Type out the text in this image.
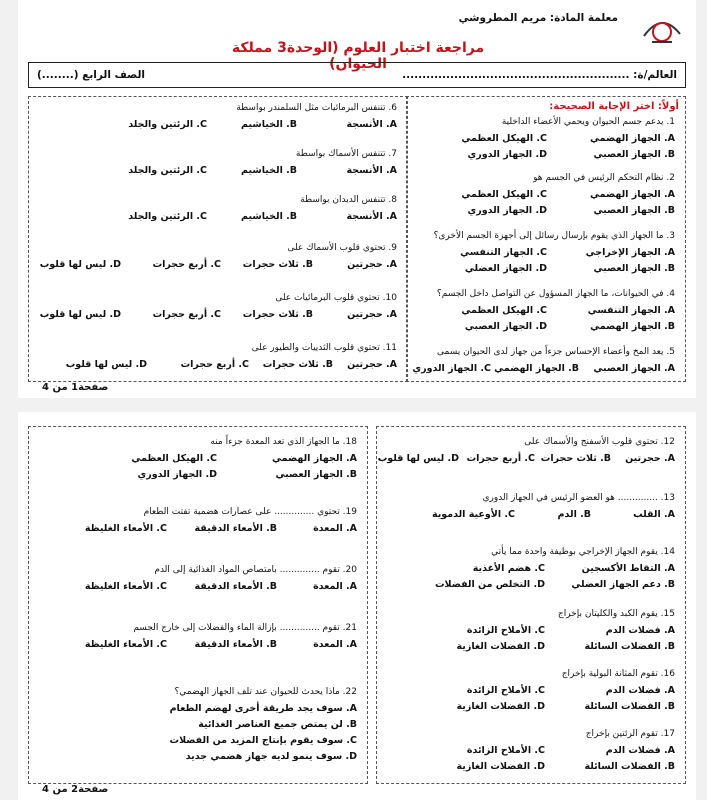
معلمة المادة: مريم المطروشي
مراجعة اختبار العلوم (الوحدة3 مملكة الحيوان)
العالم/ة: .........................................................
الصف الرابع (........)
أولاً: اختر الإجابة الصحيحة:
1. يدعم جسم الحيوان ويحمي الأعضاء الداخلية
A. الجهاز الهضمي
C. الهيكل العظمي
B. الجهاز العصبي
D. الجهاز الدوري
2. نظام التحكم الرئيس في الجسم هو
A. الجهاز الهضمي
C. الهيكل العظمي
B. الجهاز العصبي
D. الجهاز الدوري
3. ما الجهاز الذي يقوم بإرسال رسائل إلى أجهزة الجسم الأخرى؟
A. الجهاز الإخراجي
C. الجهاز التنفسي
B. الجهاز العصبي
D. الجهاز العضلي
4. في الحيوانات، ما الجهاز المسؤول عن التواصل داخل الجسم؟
A. الجهاز التنفسي
C. الهيكل العظمي
B. الجهاز الهضمي
D. الجهاز العصبي
5. يعد المخ وأعضاء الإحساس جزءاً من جهاز لدى الحيوان يسمى
A. الجهاز العصبي
B. الجهاز الهضمي
C. الجهاز الدوري
6. تتنفس البرمائيات مثل السلمندر بواسطة
A. الأنسجة
B. الخياشيم
C. الرئتين والجلد
7. تتنفس الأسماك بواسطة
A. الأنسجة
B. الخياشيم
C. الرئتين والجلد
8. تتنفس الديدان بواسطة
A. الأنسجة
B. الخياشيم
C. الرئتين والجلد
9. تحتوي قلوب الأسماك على
A. حجرتين
B. ثلاث حجرات
C. أربع حجرات
D. ليس لها قلوب
10. تحتوي قلوب البرمائيات على
A. حجرتين
B. ثلاث حجرات
C. أربع حجرات
D. ليس لها قلوب
11. تحتوي قلوب الثدييات والطيور على
A. حجرتين
B. ثلاث حجرات
C. أربع حجرات
D. ليس لها قلوب
صفحة1 من 4
12. تحتوي قلوب الأسفنج والأسماك على
A. حجرتين
B. ثلاث حجرات
C. أربع حجرات
D. ليس لها قلوب
13. .............. هو العضو الرئيس في الجهاز الدوري
A. القلب
B. الدم
C. الأوعية الدموية
14. يقوم الجهاز الإخراجي بوظيفة واحدة مما يأتي
A. التقاط الأكسجين
C. هضم الأغذية
B. دعم الجهاز العضلي
D. التخلص من الفضلات
15. يقوم الكبد والكليتان بإخراج
A. فضلات الدم
C. الأملاح الزائدة
B. الفضلات السائلة
D. الفضلات الغازية
16. تقوم المثانة البولية بإخراج
A. فضلات الدم
C. الأملاح الزائدة
B. الفضلات السائلة
D. الفضلات الغازية
17. تقوم الرئتين بإخراج
A. فضلات الدم
C. الأملاح الزائدة
B. الفضلات السائلة
D. الفضلات الغازية
18. ما الجهاز الذي تعد المعدة جزءاً منه
A. الجهاز الهضمي
C. الهيكل العظمي
B. الجهاز العصبي
D. الجهاز الدوري
19. تحتوي .............. على عصارات هضمية تفتت الطعام
A. المعدة
B. الأمعاء الدقيقة
C. الأمعاء الغليظة
20. تقوم .............. بامتصاص المواد الغذائية إلى الدم
A. المعدة
B. الأمعاء الدقيقة
C. الأمعاء الغليظة
21. تقوم .............. بإزالة الماء والفضلات إلى خارج الجسم
A. المعدة
B. الأمعاء الدقيقة
C. الأمعاء الغليظة
22. ماذا يحدث للحيوان عند تلف الجهاز الهضمي؟
A. سوف يجد طريقة أخرى لهضم الطعام
B. لن يمتص جميع العناصر الغذائية
C. سوف يقوم بإنتاج المزيد من الفضلات
D. سوف ينمو لديه جهاز هضمي جديد
صفحة2 من 4
